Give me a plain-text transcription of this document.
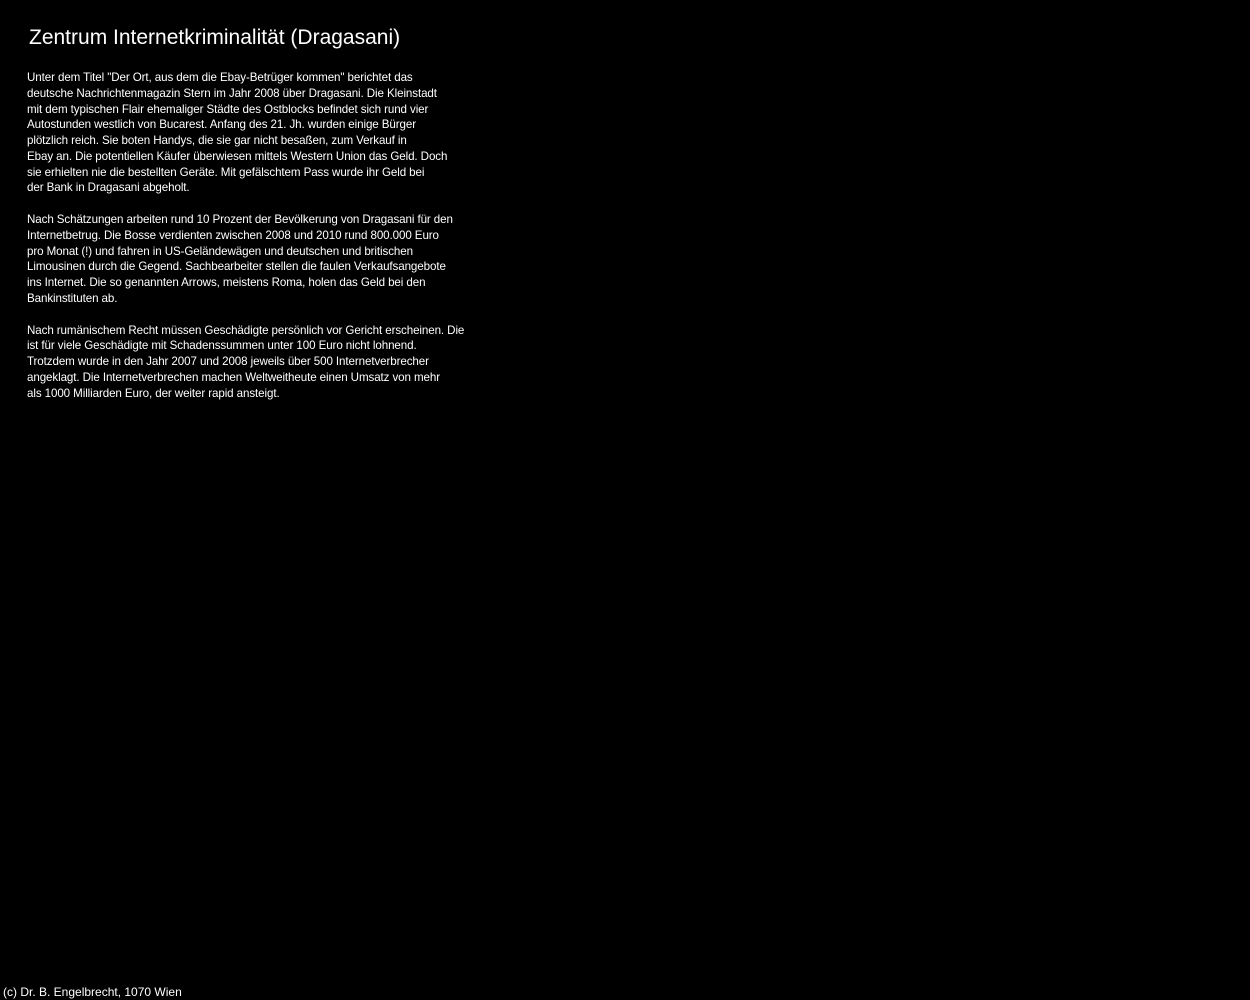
Zentrum Internetkriminalität (Dragasani)

Unter dem Titel "Der Ort, aus dem die Ebay-Betrüger kommen" berichtet das
deutsche Nachrichtenmagazin Stern im Jahr 2008 über Dragasani. Die Kleinstadt
mit dem typischen Flair ehemaliger Städte des Ostblocks befindet sich rund vier
Autostunden westlich von Bucarest. Anfang des 21. Jh. wurden einige Bürger
plötzlich reich. Sie boten Handys, die sie gar nicht besaßen, zum Verkauf in
Ebay an. Die potentiellen Käufer überwiesen mittels Western Union das Geld. Doch
sie erhielten nie die bestellten Geräte. Mit gefälschtem Pass wurde ihr Geld bei
der Bank in Dragasani abgeholt.

Nach Schätzungen arbeiten rund 10 Prozent der Bevölkerung von Dragasani für den
Internetbetrug. Die Bosse verdienten zwischen 2008 und 2010 rund 800.000 Euro
pro Monat (!) und fahren in US-Geländewägen und deutschen und britischen
Limousinen durch die Gegend. Sachbearbeiter stellen die faulen Verkaufsangebote
ins Internet. Die so genannten Arrows, meistens Roma, holen das Geld bei den
Bankinstituten ab.

Nach rumänischem Recht müssen Geschädigte persönlich vor Gericht erscheinen. Die
ist für viele Geschädigte mit Schadenssummen unter 100 Euro nicht lohnend.
Trotzdem wurde in den Jahr 2007 und 2008 jeweils über 500 Internetverbrecher
angeklagt. Die Internetverbrechen machen Weltweitheute einen Umsatz von mehr
als 1000 Milliarden Euro, der weiter rapid ansteigt.

(c) Dr. B. Engelbrecht, 1070 Wien
